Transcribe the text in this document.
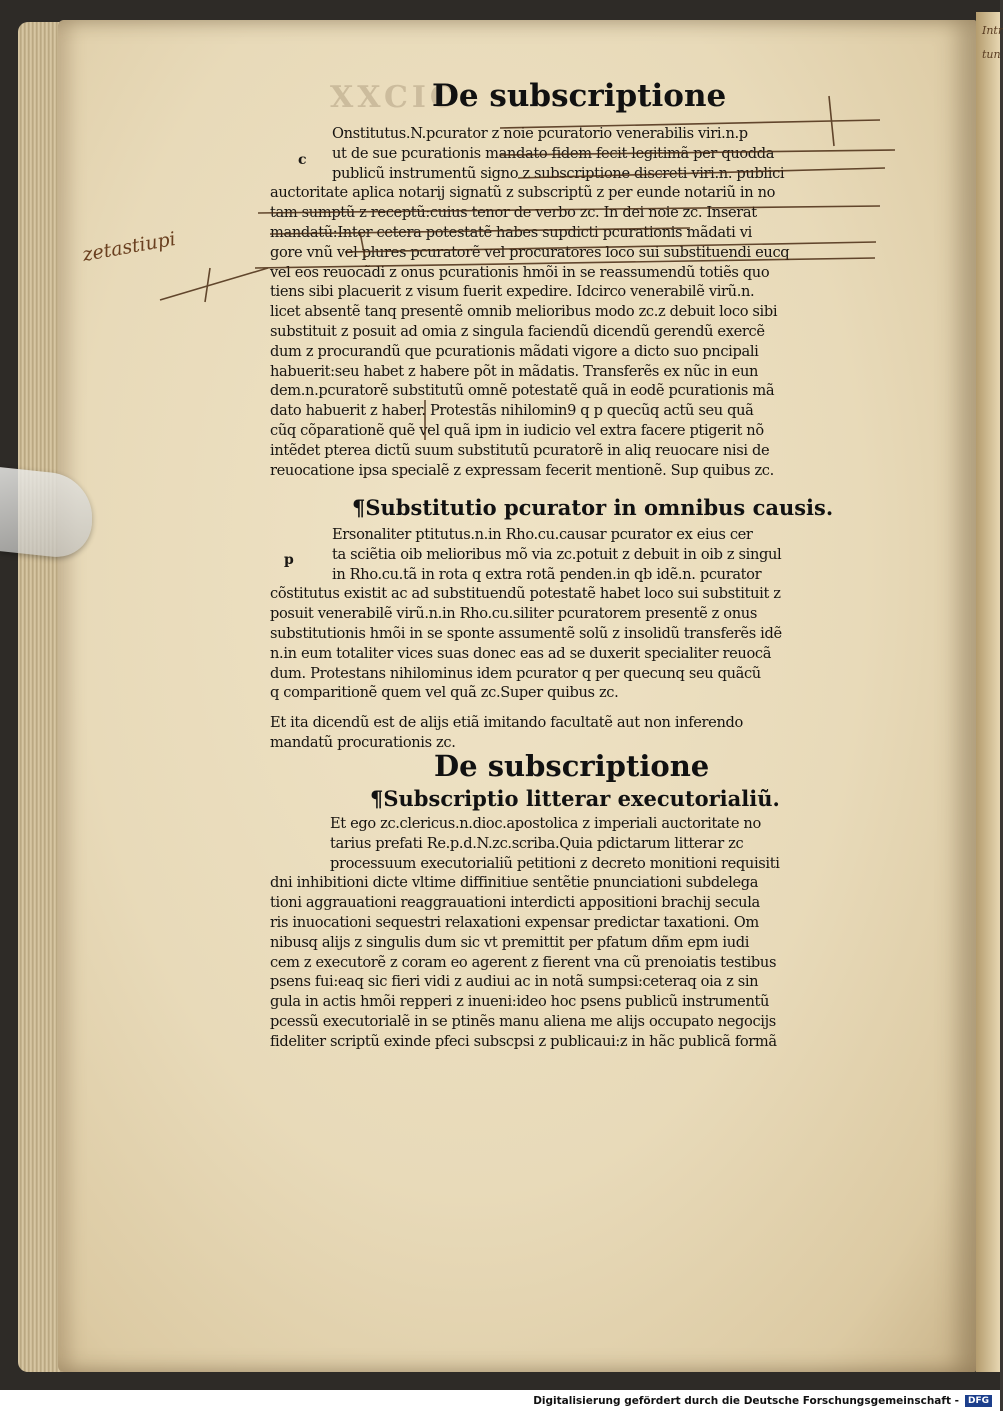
Intr

tun
XXCIC
De subscriptione
c
Onstitutus.N.pcurator z noie pcuratorio venerabilis viri.n.p
ut de sue pcurationis mandato fidem fecit legitimã per quodda
publicũ instrumentũ signo z subscriptione discreti viri.n. publici
auctoritate aplica notarij signatũ z subscriptũ z per eunde notariũ in no
tam sumptũ z receptũ:cuius tenor de verbo zc. In dei noie zc. Inserat
mandatũ:Inter cetera potestatẽ habes supdicti pcurationis mãdati vi
gore vnũ vel plures pcuratorẽ vel procuratores loco sui substituendi eucq
vel eos reuocãdi z onus pcurationis hmõi in se reassumendũ totiẽs quo
tiens sibi placuerit z visum fuerit expedire. Idcirco venerabilẽ virũ.n.
licet absentẽ tanq presentẽ omnib melioribus modo zc.z debuit loco sibi
substituit z posuit ad omia z singula faciendũ dicendũ gerendũ exercẽ
dum z procurandũ que pcurationis mãdati vigore a dicto suo pncipali
habuerit:seu habet z habere põt in mãdatis. Transferẽs ex nũc in eun
dem.n.pcuratorẽ substitutũ omnẽ potestatẽ quã in eodẽ pcurationis mã
dato habuerit z haber. Protestãs nihilomin9 q p quecũq actũ seu quã
cũq cõparationẽ quẽ vel quã ipm in iudicio vel extra facere ptigerit nõ
intẽdet pterea dictũ suum substitutũ pcuratorẽ in aliq reuocare nisi de
reuocatione ipsa specialẽ z expressam fecerit mentionẽ. Sup quibus zc.
¶Substitutio pcurator in omnibus causis.
p
Ersonaliter ptitutus.n.in Rho.cu.causar pcurator ex eius cer
ta sciẽtia oib melioribus mõ via zc.potuit z debuit in oib z singul
in Rho.cu.tã in rota q extra rotã penden.in qb idẽ.n. pcurator
cõstitutus existit ac ad substituendũ potestatẽ habet loco sui substituit z
posuit venerabilẽ virũ.n.in Rho.cu.siliter pcuratorem presentẽ z onus
substitutionis hmõi in se sponte assumentẽ solũ z insolidũ transferẽs idẽ
n.in eum totaliter vices suas donec eas ad se duxerit specialiter reuocã
dum. Protestans nihilominus idem pcurator q per quecunq seu quãcũ
q comparitionẽ quem vel quã zc.Super quibus zc.
Et ita dicendũ est de alijs etiã imitando facultatẽ aut non inferendo
mandatũ procurationis zc.
De subscriptione
¶Subscriptio litterar executorialiũ.
Et ego zc.clericus.n.dioc.apostolica z imperiali auctoritate no
tarius prefati Re.p.d.N.zc.scriba.Quia pdictarum litterar zc
processuum executorialiũ petitioni z decreto monitioni requisiti
dni inhibitioni dicte vltime diffinitiue sentẽtie pnunciationi subdelega
tioni aggrauationi reaggrauationi interdicti appositioni brachij secula
ris inuocationi sequestri relaxationi expensar predictar taxationi. Om
nibusq alijs z singulis dum sic vt premittit per pfatum dñm epm iudi
cem z executorẽ z coram eo agerent z fierent vna cũ prenoiatis testibus
psens fui:eaq sic fieri vidi z audiui ac in notã sumpsi:ceteraq oia z sin
gula in actis hmõi repperi z inueni:ideo hoc psens publicũ instrumentũ
pcessũ executorialẽ in se ptinẽs manu aliena me alijs occupato negocijs
fideliter scriptũ exinde pfeci subscpsi z publicaui:z in hãc publicã formã
zetastiupi
Digitalisierung gefördert durch die Deutsche Forschungsgemeinschaft -	DFG
